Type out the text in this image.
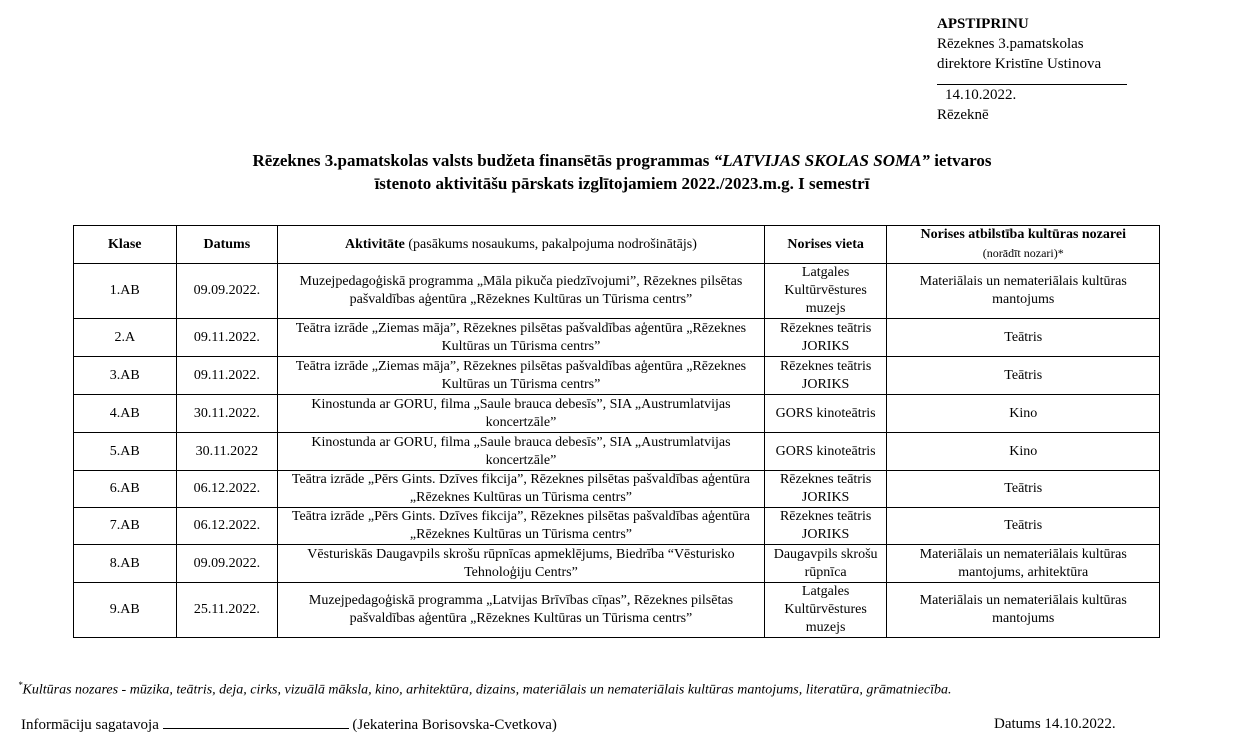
APSTIPRINU
Rēzeknes 3.pamatskolas
direktore Kristīne Ustinova
14.10.2022.
Rēzeknē
Rēzeknes 3.pamatskolas valsts budžeta finansētās programmas “LATVIJAS SKOLAS SOMA” ietvaros
īstenoto aktivitāšu pārskats izglītojamiem 2022./2023.m.g. I semestrī
Klase	Datums	Aktivitāte (pasākums nosaukums, pakalpojuma nodrošinātājs)	Norises vieta	Norises atbilstība kultūras nozarei
(norādīt nozari)*
1.AB	09.09.2022.	Muzejpedagoģiskā programma „Māla pikuča piedzīvojumi”, Rēzeknes pilsētas pašvaldības aģentūra „Rēzeknes Kultūras un Tūrisma centrs”	Latgales Kultūrvēstures muzejs	Materiālais un nemateriālais kultūras mantojums
2.A	09.11.2022.	Teātra izrāde „Ziemas māja”, Rēzeknes pilsētas pašvaldības aģentūra „Rēzeknes Kultūras un Tūrisma centrs”	Rēzeknes teātris JORIKS	Teātris
3.AB	09.11.2022.	Teātra izrāde „Ziemas māja”, Rēzeknes pilsētas pašvaldības aģentūra „Rēzeknes Kultūras un Tūrisma centrs”	Rēzeknes teātris JORIKS	Teātris
4.AB	30.11.2022.	Kinostunda ar GORU, filma „Saule brauca debesīs”, SIA „Austrumlatvijas koncertzāle”	GORS kinoteātris	Kino
5.AB	30.11.2022	Kinostunda ar GORU, filma „Saule brauca debesīs”, SIA „Austrumlatvijas koncertzāle”	GORS kinoteātris	Kino
6.AB	06.12.2022.	Teātra izrāde „Pērs Gints. Dzīves fikcija”, Rēzeknes pilsētas pašvaldības aģentūra „Rēzeknes Kultūras un Tūrisma centrs”	Rēzeknes teātris JORIKS	Teātris
7.AB	06.12.2022.	Teātra izrāde „Pērs Gints. Dzīves fikcija”, Rēzeknes pilsētas pašvaldības aģentūra „Rēzeknes Kultūras un Tūrisma centrs”	Rēzeknes teātris JORIKS	Teātris
8.AB	09.09.2022.	Vēsturiskās Daugavpils skrošu rūpnīcas apmeklējums, Biedrība “Vēsturisko Tehnoloģiju Centrs”	Daugavpils skrošu rūpnīca	Materiālais un nemateriālais kultūras mantojums, arhitektūra
9.AB	25.11.2022.	Muzejpedagoģiskā programma „Latvijas Brīvības cīņas”, Rēzeknes pilsētas pašvaldības aģentūra „Rēzeknes Kultūras un Tūrisma centrs”	Latgales Kultūrvēstures muzejs	Materiālais un nemateriālais kultūras mantojums
*Kultūras nozares - mūzika, teātris, deja, cirks, vizuālā māksla, kino, arhitektūra, dizains, materiālais un nemateriālais kultūras mantojums, literatūra, grāmatniecība.
Informāciju sagatavoja	(Jekaterina Borisovska-Cvetkova)	Datums 14.10.2022.
